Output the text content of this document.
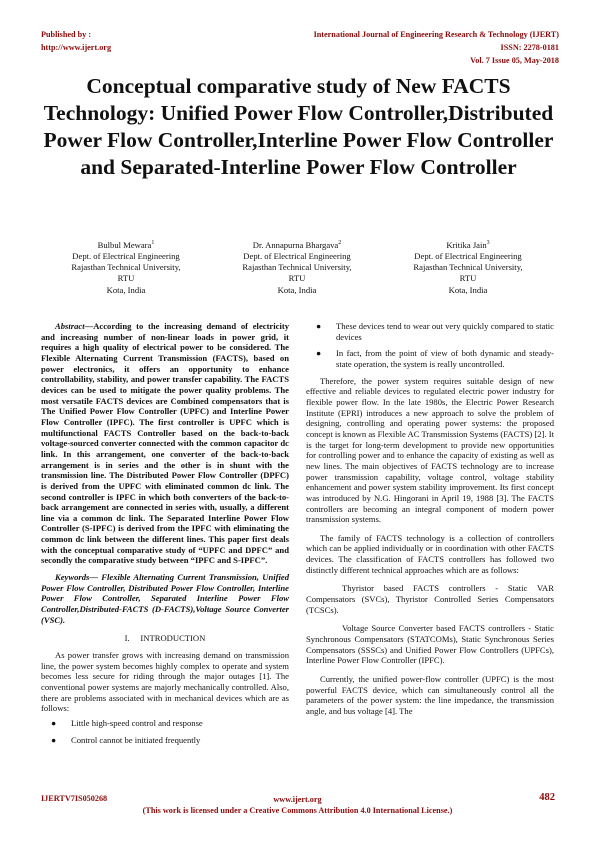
Published by :
http://www.ijert.org
International Journal of Engineering Research & Technology (IJERT)
ISSN: 2278-0181
Vol. 7 Issue 05, May-2018
Conceptual comparative study of New FACTS Technology: Unified Power Flow Controller,Distributed Power Flow Controller,Interline Power Flow Controller and Separated-Interline Power Flow Controller
Bulbul Mewara$^1$
Dept. of Electrical Engineering
Rajasthan Technical University,
RTU
Kota, India
Dr. Annapurna Bhargava$^2$
Dept. of Electrical Engineering
Rajasthan Technical University,
RTU
Kota, India
Kritika Jain$^3$
Dept. of Electrical Engineering
Rajasthan Technical University,
RTU
Kota, India

Abstract—According to the increasing demand of electricity and increasing number of non-linear loads in power grid, it requires a high quality of electrical power to be considered. The Flexible Alternating Current Transmission (FACTS), based on power electronics, it offers an opportunity to enhance controllability, stability, and power transfer capability. The FACTS devices can be used to mitigate the power quality problems. The most versatile FACTS devices are Combined compensators that is The Unified Power Flow Controller (UPFC) and Interline Power Flow Controller (IPFC). The first controller is UPFC which is multifunctional FACTS Controller based on the back-to-back voltage-sourced converter connected with the common capacitor dc link. In this arrangement, one converter of the back-to-back arrangement is in series and the other is in shunt with the transmission line. The Distributed Power Flow Controller (DPFC) is derived from the UPFC with eliminated common dc link. The second controller is IPFC in which both converters of the back-to-back arrangement are connected in series with, usually, a different line via a common dc link. The Separated Interline Power Flow Controller (S-IPFC) is derived from the IPFC with eliminating the common dc link between the different lines. This paper first deals with the conceptual comparative study of “UPFC and DPFC” and secondly the comparative study between “IPFC and S-IPFC”.

Keywords— Flexible Alternating Current Transmission, Unified Power Flow Controller, Distributed Power Flow Controller, Interline Power Flow Controller, Separated Interline Power Flow Controller,Distributed-FACTS (D-FACTS),Voltage Source Converter (VSC).

I. INTRODUCTION

As power transfer grows with increasing demand on transmission line, the power system becomes highly complex to operate and system becomes less secure for riding through the major outages [1]. The conventional power systems are majorly mechanically controlled. Also, there are problems associated with in mechanical devices which are as follows:

● Little high-speed control and response
● Control cannot be initiated frequently
● These devices tend to wear out very quickly compared to static devices
● In fact, from the point of view of both dynamic and steady-state operation, the system is really uncontrolled.

Therefore, the power system requires suitable design of new effective and reliable devices to regulated electric power industry for flexible power flow. In the late 1980s, the Electric Power Research Institute (EPRI) introduces a new approach to solve the problem of designing, controlling and operating power systems: the proposed concept is known as Flexible AC Transmission Systems (FACTS) [2]. It is the target for long-term development to provide new opportunities for controlling power and to enhance the capacity of existing as well as new lines. The main objectives of FACTS technology are to increase power transmission capability, voltage control, voltage stability enhancement and power system stability improvement. Its first concept was introduced by N.G. Hingorani in April 19, 1988 [3]. The FACTS controllers are becoming an integral component of modern power transmission systems.

The family of FACTS technology is a collection of controllers which can be applied individually or in coordination with other FACTS devices. The classification of FACTS controllers has followed two distinctly different technical approaches which are as follows:

Thyristor based FACTS controllers - Static VAR Compensators (SVCs), Thyristor Controlled Series Compensators (TCSCs).

Voltage Source Converter based FACTS controllers - Static Synchronous Compensators (STATCOMs), Static Synchronous Series Compensators (SSSCs) and Unified Power Flow Controllers (UPFCs), Interline Power Flow Controller (IPFC).

Currently, the unified power-flow controller (UPFC) is the most powerful FACTS device, which can simultaneously control all the parameters of the power system: the line impedance, the transmission angle, and bus voltage [4]. The

IJERTV7IS050268	www.ijert.org
(This work is licensed under a Creative Commons Attribution 4.0 International License.)
482
